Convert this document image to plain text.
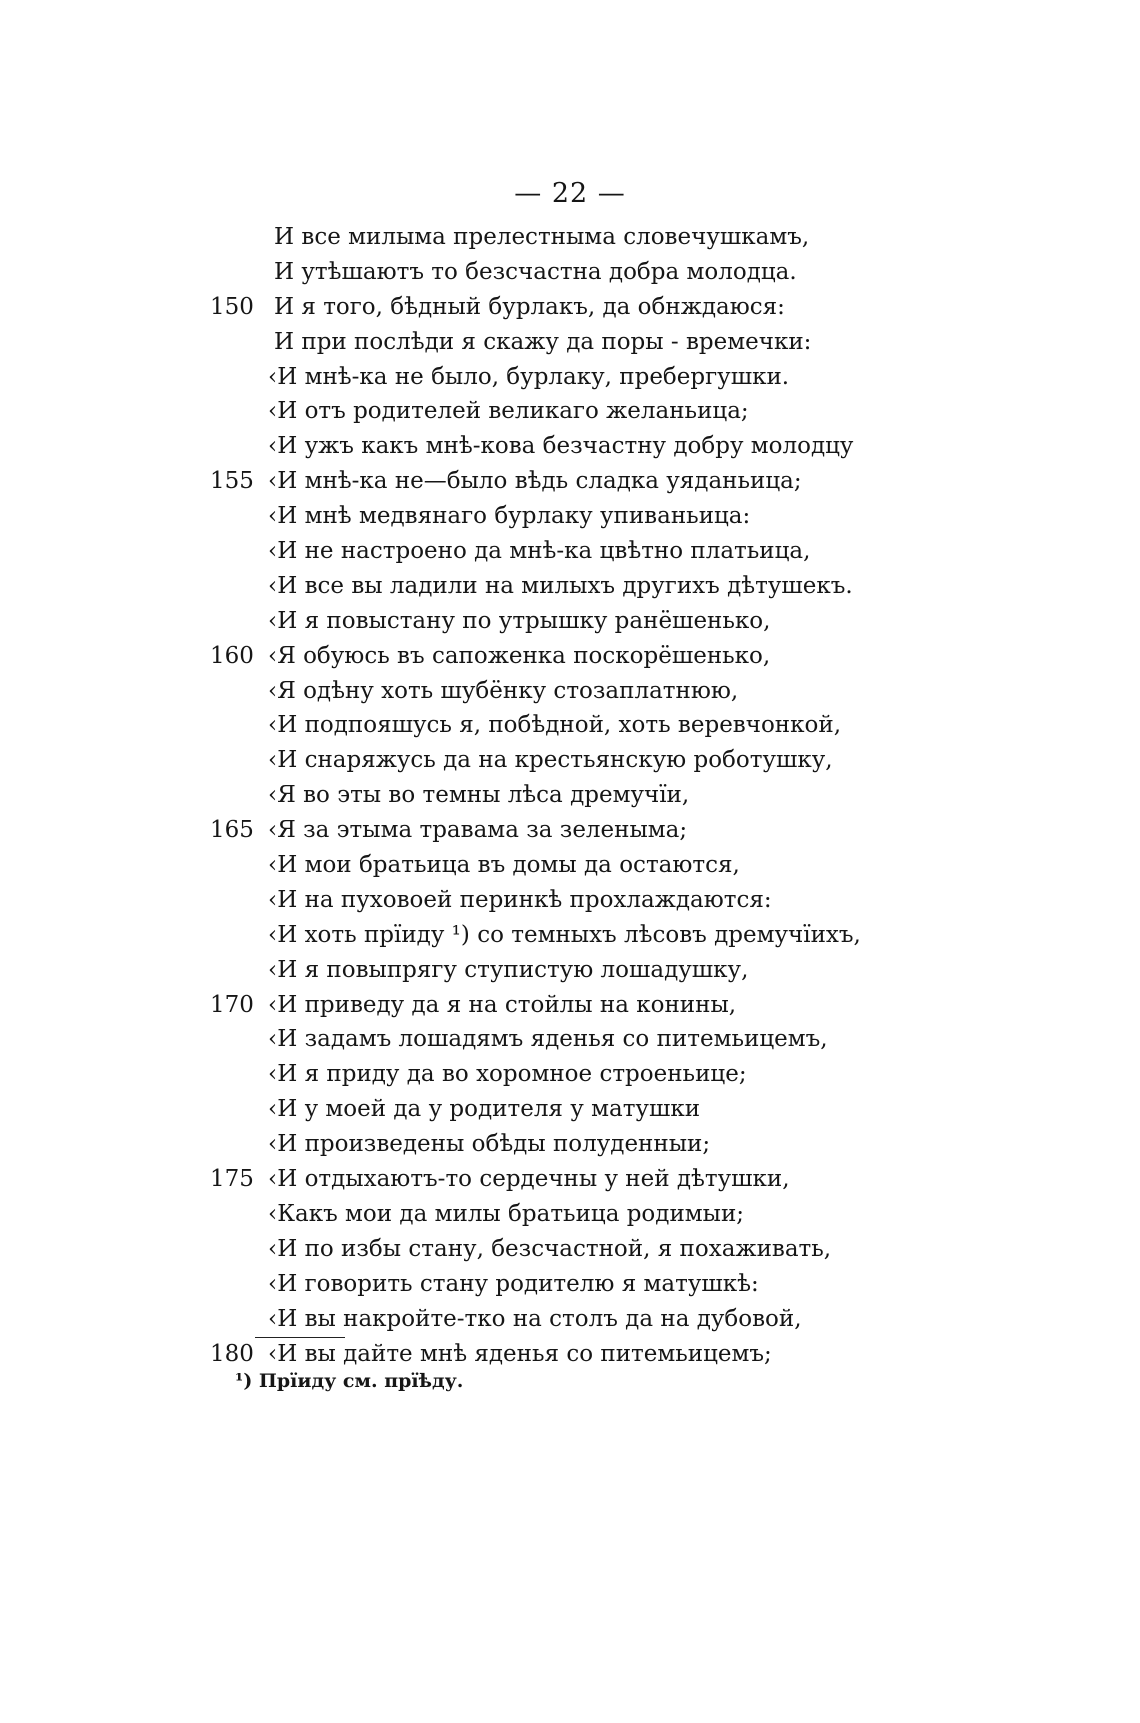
— 22 —
И все милыма прелестныма словечушкамъ,
И утѣшаютъ то безсчастна добра молодца.
150 И я того, бѣдный бурлакъ, да обнждаюся:
И при послѣди я скажу да поры - времечки:
‹И мнѣ-ка не было, бурлаку, пребергушки.
‹И отъ родителей великаго желаньица;
‹И ужъ какъ мнѣ-кова безчастну добру молодцу
155 ‹И мнѣ-ка не—было вѣдь сладка уяданьица;
‹И мнѣ медвянаго бурлаку упиваньица:
‹И не настроено да мнѣ-ка цвѣтно платьица,
‹И все вы ладили на милыхъ другихъ дѣтушекъ.
‹И я повыстану по утрышку ранёшенько,
160 ‹Я обуюсь въ сапоженка поскорёшенько,
‹Я одѣну хоть шубёнку стозаплатнюю,
‹И подпояшусь я, побѣдной, хоть веревчонкой,
‹И снаряжусь да на крестьянскую роботушку,
‹Я во эты во темны лѣса дремучїи,
165 ‹Я за этыма травама за зеленыма;
‹И мои братьица въ домы да остаются,
‹И на пуховоей перинкѣ прохлаждаются:
‹И хоть прїиду ¹) со темныхъ лѣсовъ дремучїихъ,
‹И я повыпрягу ступистую лошадушку,
170 ‹И приведу да я на стойлы на конины,
‹И задамъ лошадямъ яденья со питемьицемъ,
‹И я приду да во хоромное строеньице;
‹И у моей да у родителя у матушки
‹И произведены обѣды полуденныи;
175 ‹И отдыхаютъ-то сердечны у ней дѣтушки,
‹Какъ мои да милы братьица родимыи;
‹И по избы стану, безсчастной, я похаживать,
‹И говорить стану родителю я матушкѣ:
‹И вы накройте-тко на столъ да на дубовой,
180 ‹И вы дайте мнѣ яденья со питемьицемъ;
¹) Прїиду см. прїѣду.
